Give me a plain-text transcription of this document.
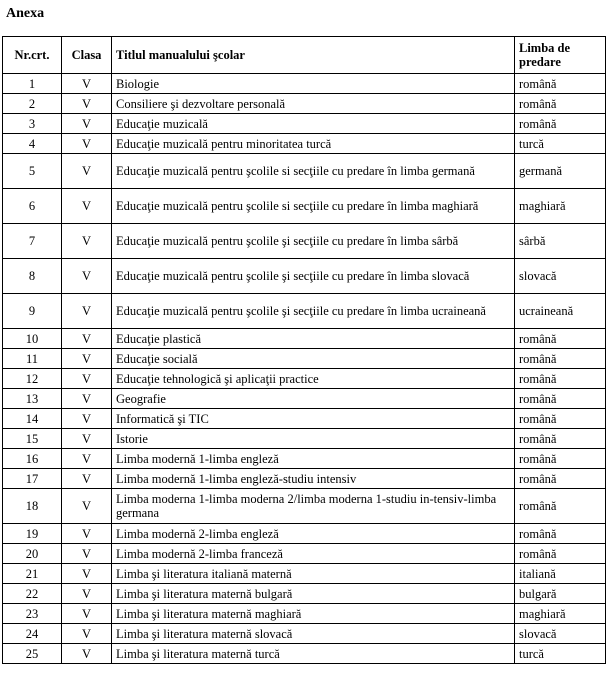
Anexa
Nr.crt.	Clasa	Titlul manualului şcolar	Limba de predare
1	V	Biologie	română
2	V	Consiliere şi dezvoltare personală	română
3	V	Educaţie muzicală	română
4	V	Educaţie muzicală pentru minoritatea turcă	turcă
5	V	Educaţie muzicală pentru şcolile si secţiile cu predare în limba germană	germană
6	V	Educaţie muzicală pentru şcolile si secţiile cu predare în limba maghiară	maghiară
7	V	Educaţie muzicală pentru şcolile şi secţiile cu predare în limba sârbă	sârbă
8	V	Educaţie muzicală pentru şcolile şi secţiile cu predare în limba slovacă	slovacă
9	V	Educaţie muzicală pentru şcolile şi secţiile cu predare în limba ucraineană	ucraineană
10	V	Educaţie plastică	română
11	V	Educaţie socială	română
12	V	Educaţie tehnologică şi aplicaţii practice	română
13	V	Geografie	română
14	V	Informatică şi TIC	română
15	V	Istorie	română
16	V	Limba modernă 1-limba engleză	română
17	V	Limba modernă 1-limba engleză-studiu intensiv	română
18	V	Limba moderna 1-limba moderna 2/limba moderna 1-studiu in-tensiv-limba germana	română
19	V	Limba modernă 2-limba engleză	română
20	V	Limba modernă 2-limba franceză	română
21	V	Limba şi literatura italiană maternă	italiană
22	V	Limba şi literatura maternă bulgară	bulgară
23	V	Limba şi literatura maternă maghiară	maghiară
24	V	Limba şi literatura maternă slovacă	slovacă
25	V	Limba şi literatura maternă turcă	turcă
